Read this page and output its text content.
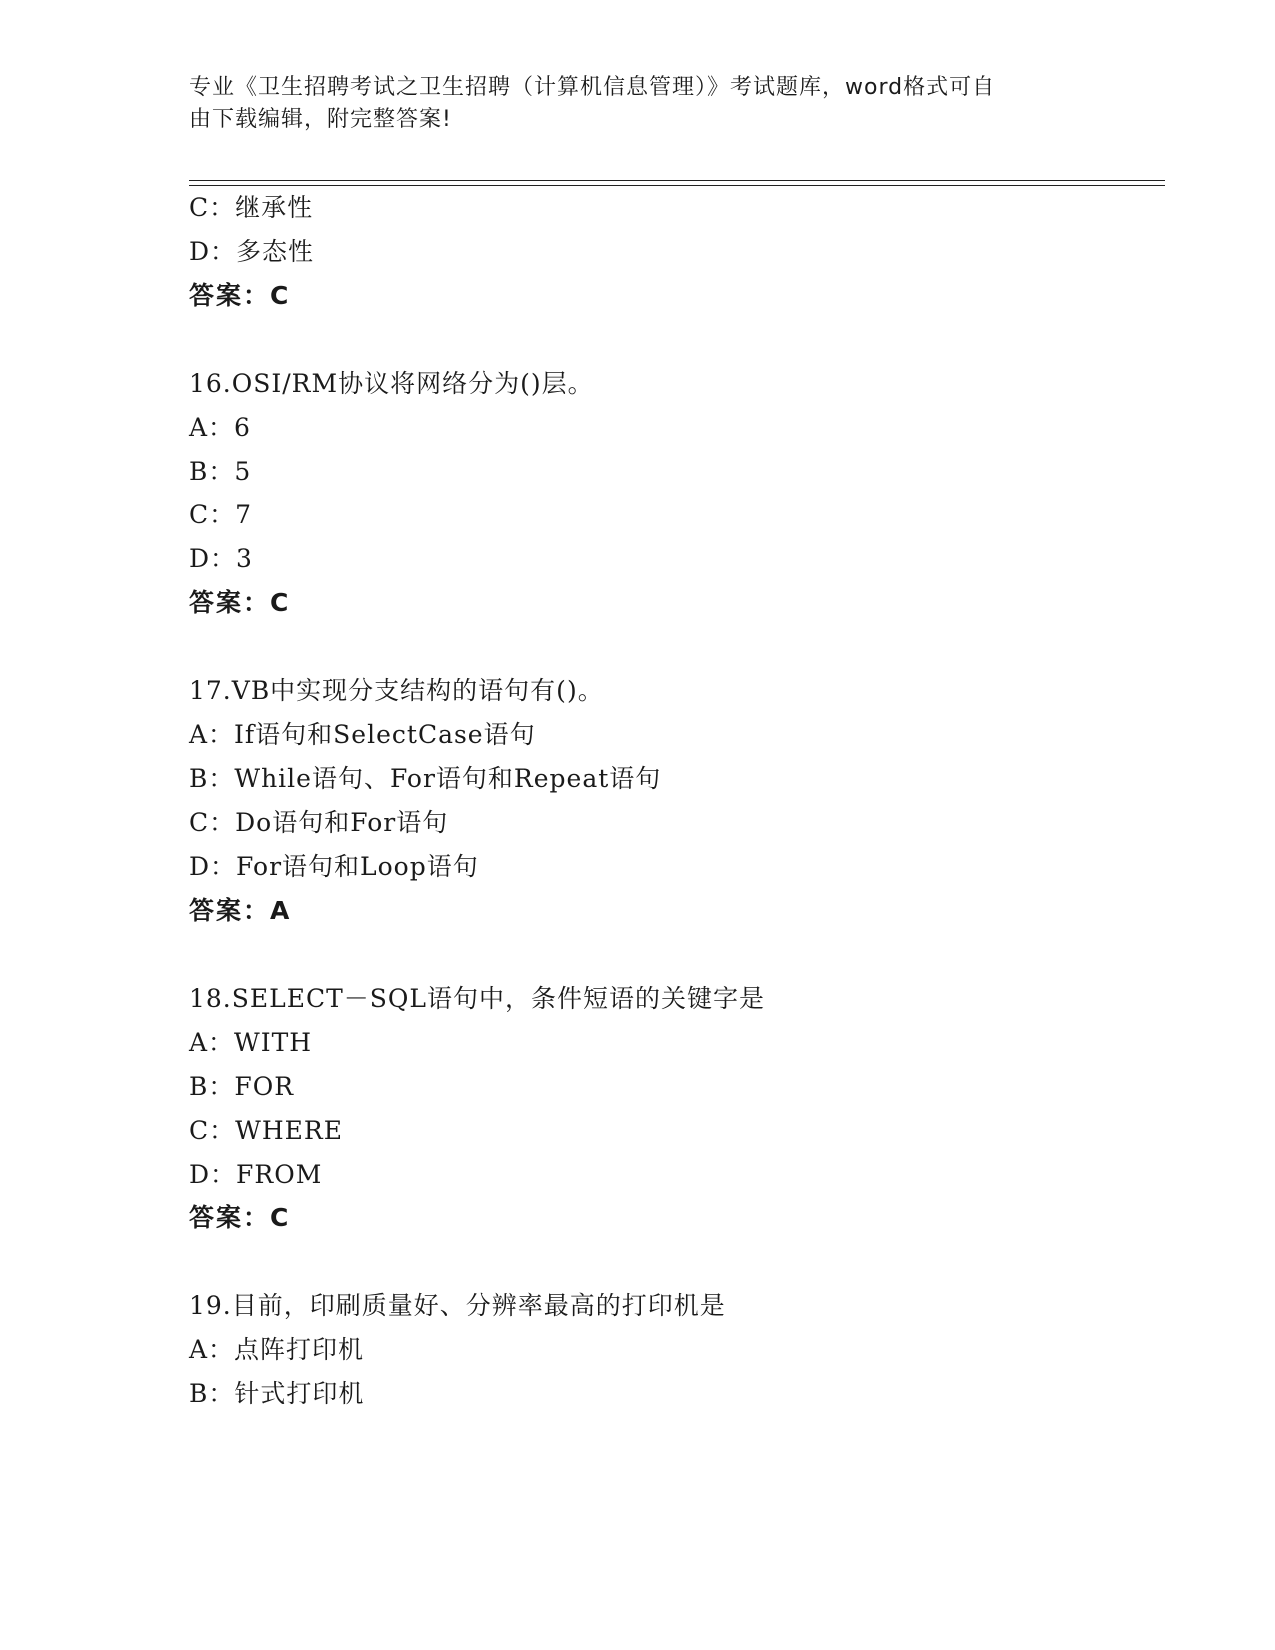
专业《卫生招聘考试之卫生招聘（计算机信息管理）》考试题库，word格式可自
由下载编辑，附完整答案!
C：继承性
D：多态性
答案：C
16.OSI/RM协议将网络分为()层。
A：6
B：5
C：7
D：3
答案：C
17.VB中实现分支结构的语句有()。
A：If语句和SelectCase语句
B：While语句、For语句和Repeat语句
C：Do语句和For语句
D：For语句和Loop语句
答案：A
18.SELECT－SQL语句中，条件短语的关键字是
A：WITH
B：FOR
C：WHERE
D：FROM
答案：C
19.目前，印刷质量好、分辨率最高的打印机是
A：点阵打印机
B：针式打印机
